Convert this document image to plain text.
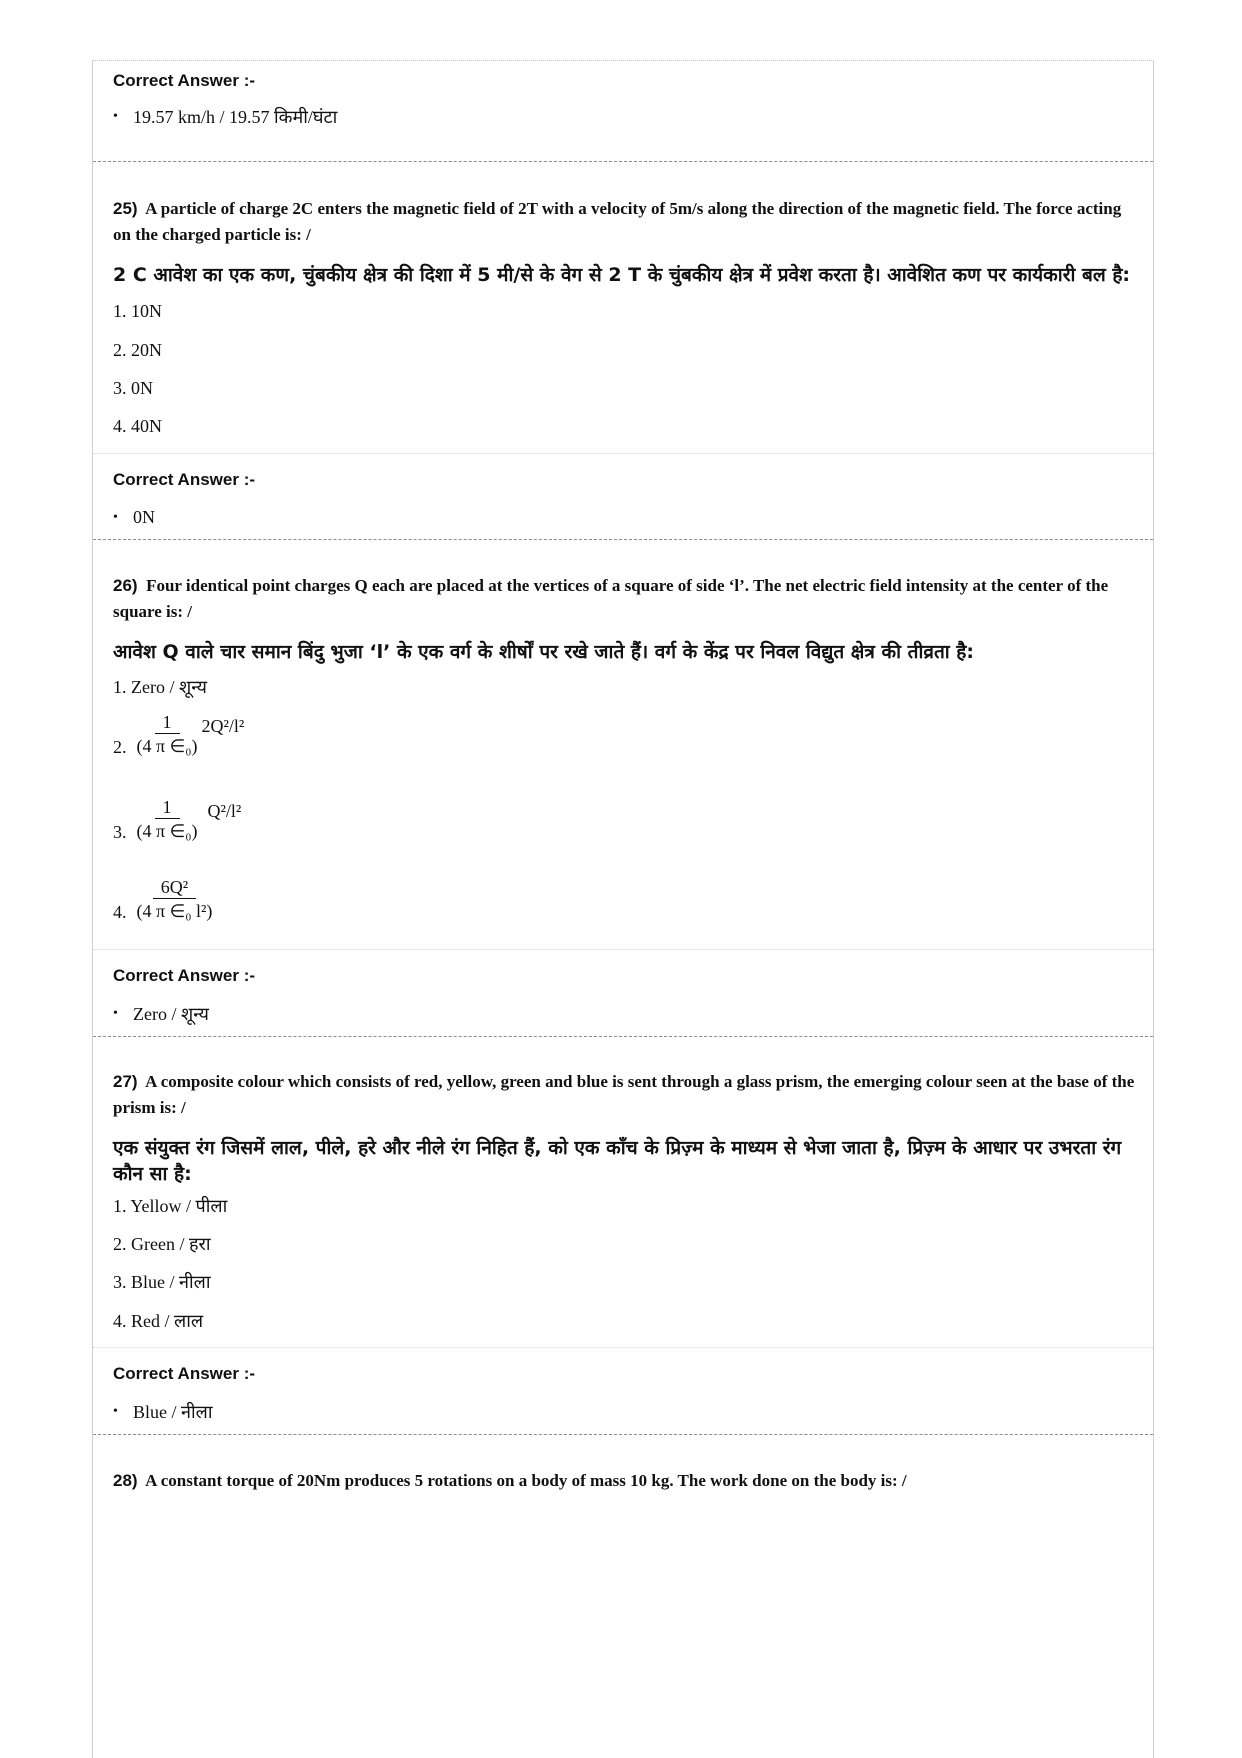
Correct Answer :-

• 19.57 km/h / 19.57 किमी/घंटा
25) A particle of charge 2C enters the magnetic field of 2T with a velocity of 5m/s along the direction of the magnetic field. The force acting on the charged particle is: /
2 C आवेश का एक कण, चुंबकीय क्षेत्र की दिशा में 5 मी/से के वेग से 2 T के चुंबकीय क्षेत्र में प्रवेश करता है। आवेशित कण पर कार्यकारी बल है:
1. 10N
2. 20N
3. 0N
4. 40N

Correct Answer :-

• 0N
26) Four identical point charges Q each are placed at the vertices of a square of side ‘l’. The net electric field intensity at the center of the square is: /
आवेश Q वाले चार समान बिंदु भुजा ‘l’ के एक वर्ग के शीर्षों पर रखे जाते हैं। वर्ग के केंद्र पर निवल विद्युत क्षेत्र की तीव्रता है:
1. Zero / शून्य
2. $\frac{1}{\text{(4 π ∈₀)}} 2Q^2/l^2$
3. $\frac{1}{\text{(4 π ∈₀)}} Q^2/l^2$
4. $\frac{\text{6Q²}}{\text{(4 π ∈₀ l²)}}$

Correct Answer :-

• Zero / शून्य
27) A composite colour which consists of red, yellow, green and blue is sent through a glass prism, the emerging colour seen at the base of the prism is: /
एक संयुक्त रंग जिसमें लाल, पीले, हरे और नीले रंग निहित हैं, को एक काँच के प्रिज़्म के माध्यम से भेजा जाता है, प्रिज़्म के आधार पर उभरता रंग कौन सा है:
1. Yellow / पीला
2. Green / हरा
3. Blue / नीला
4. Red / लाल

Correct Answer :-

• Blue / नीला
28) A constant torque of 20Nm produces 5 rotations on a body of mass 10 kg. The work done on the body is: /
